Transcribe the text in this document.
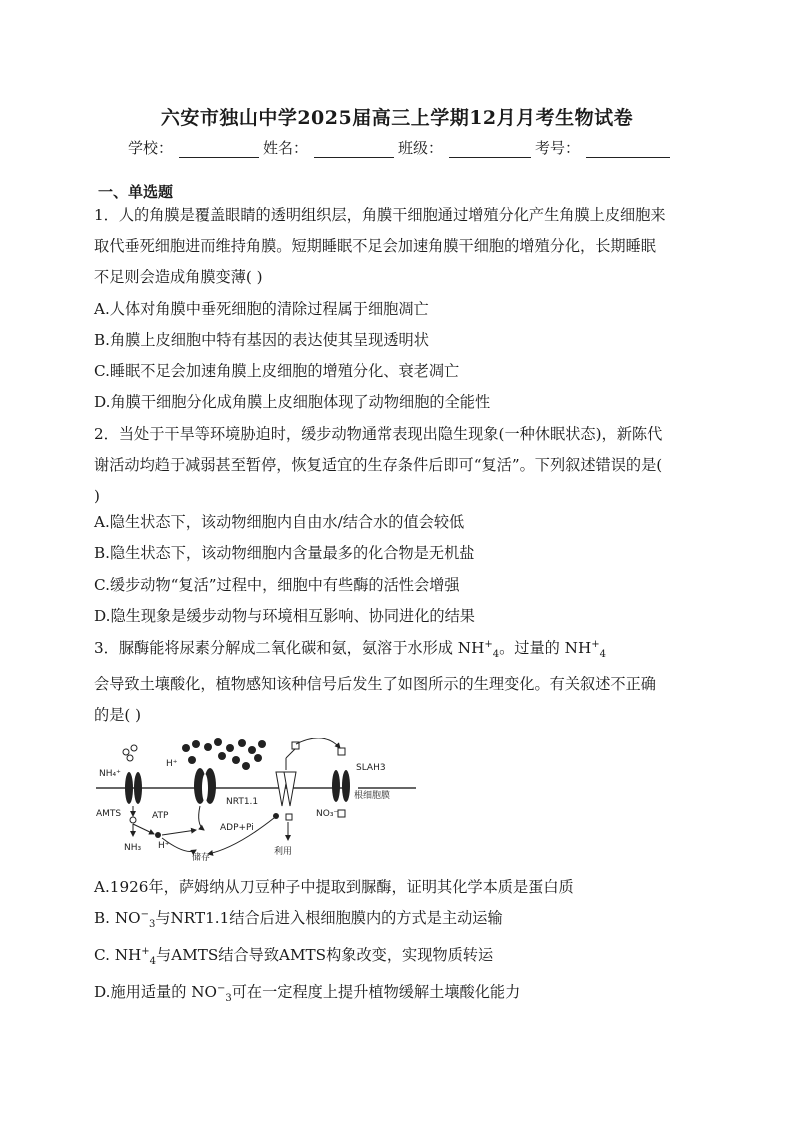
六安市独山中学2025届高三上学期12月月考生物试卷
学校：	姓名：	班级：	考号：
一、单选题
1．人的角膜是覆盖眼睛的透明组织层，角膜干细胞通过增殖分化产生角膜上皮细胞来
取代垂死细胞进而维持角膜。短期睡眠不足会加速角膜干细胞的增殖分化，长期睡眠
不足则会造成角膜变薄( )
A.人体对角膜中垂死细胞的清除过程属于细胞凋亡
B.角膜上皮细胞中特有基因的表达使其呈现透明状
C.睡眠不足会加速角膜上皮细胞的增殖分化、衰老凋亡
D.角膜干细胞分化成角膜上皮细胞体现了动物细胞的全能性
2．当处于干旱等环境胁迫时，缓步动物通常表现出隐生现象(一种休眠状态)，新陈代
谢活动均趋于减弱甚至暂停，恢复适宜的生存条件后即可“复活”。下列叙述错误的是(
)
A.隐生状态下，该动物细胞内自由水/结合水的值会较低
B.隐生状态下，该动物细胞内含量最多的化合物是无机盐
C.缓步动物“复活”过程中，细胞中有些酶的活性会增强
D.隐生现象是缓步动物与环境相互影响、协同进化的结果
3．脲酶能将尿素分解成二氧化碳和氨，氨溶于水形成 $NH^+_4$。过量的 $NH^+_4$
会导致土壤酸化，植物感知该种信号后发生了如图所示的生理变化。有关叙述不正确
的是( )
NH₄⁺
AMTS
NH₃ H⁺
H⁺
ATP
ADP+Pi
NRT1.1
利用
SLAH3
根细胞膜
NO₃⁻
储存
A.1926年，萨姆纳从刀豆种子中提取到脲酶，证明其化学本质是蛋白质
B. $NO^-_3$与NRT1.1结合后进入根细胞膜内的方式是主动运输
C. $NH^+_4$与AMTS结合导致AMTS构象改变，实现物质转运
D.施用适量的 $NO^-_3$可在一定程度上提升植物缓解土壤酸化能力
